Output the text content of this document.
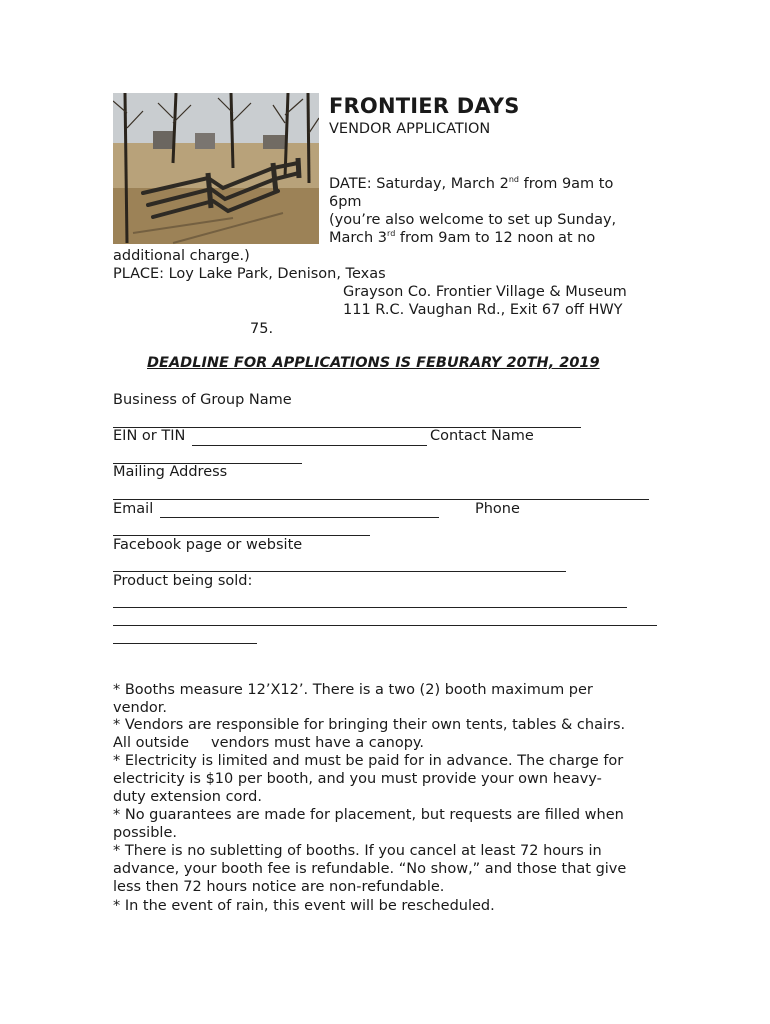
FRONTIER DAYS
VENDOR APPLICATION
DATE: Saturday, March 2nd from 9am to
6pm
(you’re also welcome to set up Sunday,
March 3rd from 9am to 12 noon at no
additional charge.)
PLACE: Loy Lake Park, Denison, Texas
Grayson Co. Frontier Village & Museum
111 R.C. Vaughan Rd., Exit 67 off HWY
75.
DEADLINE FOR APPLICATIONS IS FEBURARY 20TH, 2019
Business of Group Name
EIN or TIN	Contact Name
Mailing Address
Email	Phone
Facebook page or website
Product being sold:
* Booths measure 12’X12’. There is a two (2) booth maximum per
vendor.
* Vendors are responsible for bringing their own tents, tables & chairs.
All outside vendors must have a canopy.
* Electricity is limited and must be paid for in advance. The charge for
electricity is $10 per booth, and you must provide your own heavy-
duty extension cord.
* No guarantees are made for placement, but requests are filled when
possible.
* There is no subletting of booths. If you cancel at least 72 hours in
advance, your booth fee is refundable. “No show,” and those that give
less then 72 hours notice are non-refundable.
* In the event of rain, this event will be rescheduled.
